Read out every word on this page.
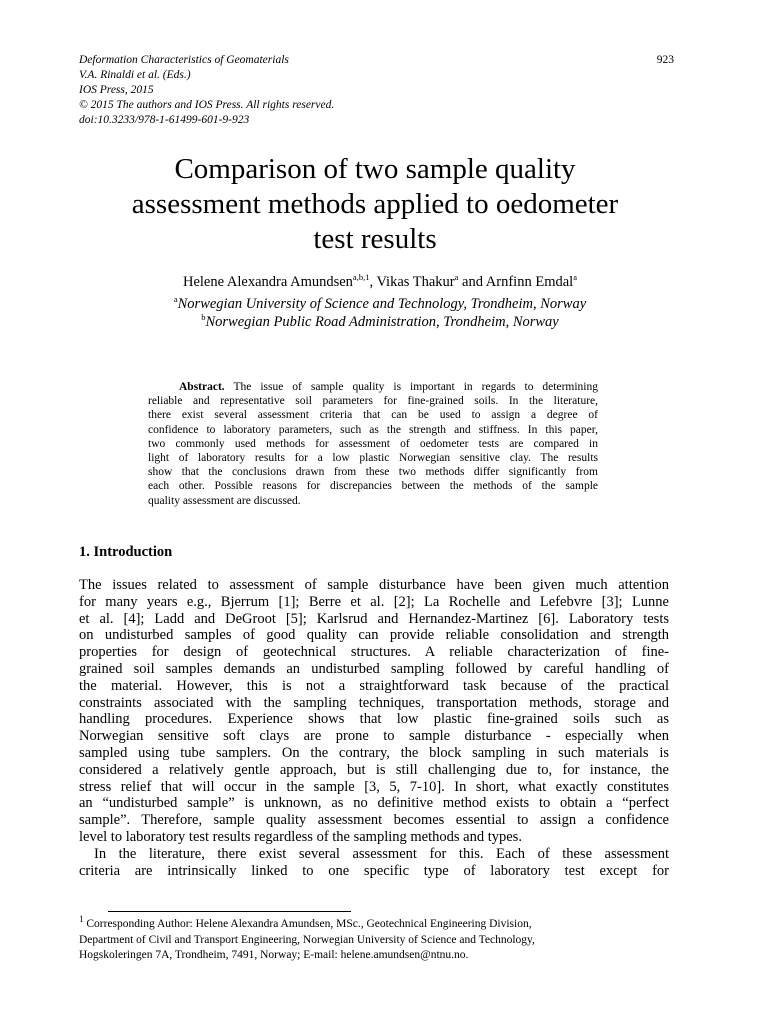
923
Deformation Characteristics of Geomaterials
V.A. Rinaldi et al. (Eds.)
IOS Press, 2015
© 2015 The authors and IOS Press. All rights reserved.
doi:10.3233/978-1-61499-601-9-923
Comparison of two sample quality
assessment methods applied to oedometer
test results
Helene Alexandra Amundsen$^{a,b,1}$, Vikas Thakur$^a$ and Arnfinn Emdal$^a$
$^a$Norwegian University of Science and Technology, Trondheim, Norway
$^b$Norwegian Public Road Administration, Trondheim, Norway
Abstract. The issue of sample quality is important in regards to determining
reliable and representative soil parameters for fine-grained soils. In the literature,
there exist several assessment criteria that can be used to assign a degree of
confidence to laboratory parameters, such as the strength and stiffness. In this paper,
two commonly used methods for assessment of oedometer tests are compared in
light of laboratory results for a low plastic Norwegian sensitive clay. The results
show that the conclusions drawn from these two methods differ significantly from
each other. Possible reasons for discrepancies between the methods of the sample
quality assessment are discussed.
1. Introduction
The issues related to assessment of sample disturbance have been given much attention
for many years e.g., Bjerrum [1]; Berre et al. [2]; La Rochelle and Lefebvre [3]; Lunne
et al. [4]; Ladd and DeGroot [5]; Karlsrud and Hernandez-Martinez [6]. Laboratory tests
on undisturbed samples of good quality can provide reliable consolidation and strength
properties for design of geotechnical structures. A reliable characterization of fine-
grained soil samples demands an undisturbed sampling followed by careful handling of
the material. However, this is not a straightforward task because of the practical
constraints associated with the sampling techniques, transportation methods, storage and
handling procedures. Experience shows that low plastic fine-grained soils such as
Norwegian sensitive soft clays are prone to sample disturbance - especially when
sampled using tube samplers. On the contrary, the block sampling in such materials is
considered a relatively gentle approach, but is still challenging due to, for instance, the
stress relief that will occur in the sample [3, 5, 7-10]. In short, what exactly constitutes
an “undisturbed sample” is unknown, as no definitive method exists to obtain a “perfect
sample”. Therefore, sample quality assessment becomes essential to assign a confidence
level to laboratory test results regardless of the sampling methods and types.
In the literature, there exist several assessment for this. Each of these assessment
criteria are intrinsically linked to one specific type of laboratory test except for
$^1$ Corresponding Author: Helene Alexandra Amundsen, MSc., Geotechnical Engineering Division,
Department of Civil and Transport Engineering, Norwegian University of Science and Technology,
Hogskoleringen 7A, Trondheim, 7491, Norway; E-mail: helene.amundsen@ntnu.no.
